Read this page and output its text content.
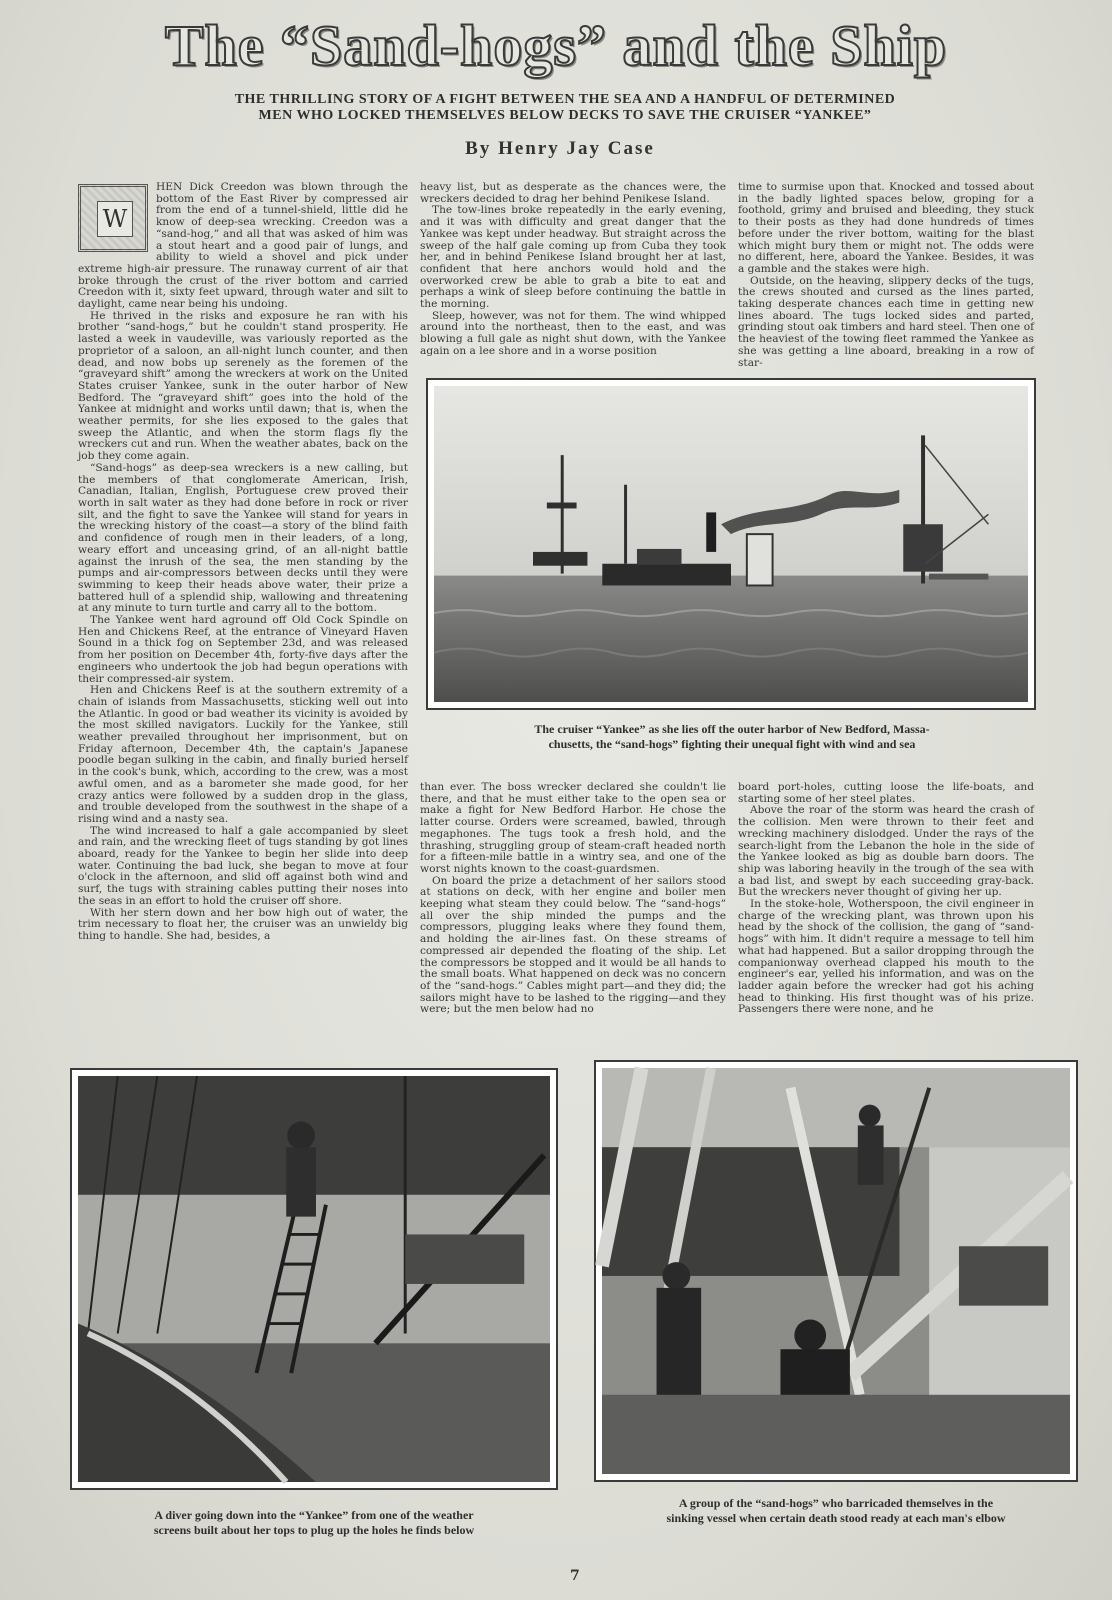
The “Sand-hogs” and the Ship
THE THRILLING STORY OF A FIGHT BETWEEN THE SEA AND A HANDFUL OF DETERMINED
MEN WHO LOCKED THEMSELVES BELOW DECKS TO SAVE THE CRUISER “YANKEE”
By Henry Jay Case
W

HEN Dick Creedon was blown through the bottom of the East River by compressed air from the end of a tunnel-shield, little did he know of deep-sea wrecking. Creedon was a “sand-hog,” and all that was asked of him was a stout heart and a good pair of lungs, and ability to wield a shovel and pick under extreme high-air pressure. The runaway current of air that broke through the crust of the river bottom and carried Creedon with it, sixty feet upward, through water and silt to daylight, came near being his undoing.

He thrived in the risks and exposure he ran with his brother “sand-hogs,” but he couldn't stand prosperity. He lasted a week in vaudeville, was variously reported as the proprietor of a saloon, an all-night lunch counter, and then dead, and now bobs up serenely as the foremen of the “graveyard shift” among the wreckers at work on the United States cruiser Yankee, sunk in the outer harbor of New Bedford. The “graveyard shift” goes into the hold of the Yankee at midnight and works until dawn; that is, when the weather permits, for she lies exposed to the gales that sweep the Atlantic, and when the storm flags fly the wreckers cut and run. When the weather abates, back on the job they come again.

“Sand-hogs” as deep-sea wreckers is a new calling, but the members of that conglomerate American, Irish, Canadian, Italian, English, Portuguese crew proved their worth in salt water as they had done before in rock or river silt, and the fight to save the Yankee will stand for years in the wrecking history of the coast—a story of the blind faith and confidence of rough men in their leaders, of a long, weary effort and unceasing grind, of an all-night battle against the inrush of the sea, the men standing by the pumps and air-compressors between decks until they were swimming to keep their heads above water, their prize a battered hull of a splendid ship, wallowing and threatening at any minute to turn turtle and carry all to the bottom.

The Yankee went hard aground off Old Cock Spindle on Hen and Chickens Reef, at the entrance of Vineyard Haven Sound in a thick fog on September 23d, and was released from her position on December 4th, forty-five days after the engineers who undertook the job had begun operations with their compressed-air system.

Hen and Chickens Reef is at the southern extremity of a chain of islands from Massachusetts, sticking well out into the Atlantic. In good or bad weather its vicinity is avoided by the most skilled navigators. Luckily for the Yankee, still weather prevailed throughout her imprisonment, but on Friday afternoon, December 4th, the captain's Japanese poodle began sulking in the cabin, and finally buried herself in the cook's bunk, which, according to the crew, was a most awful omen, and as a barometer she made good, for her crazy antics were followed by a sudden drop in the glass, and trouble developed from the southwest in the shape of a rising wind and a nasty sea.

The wind increased to half a gale accompanied by sleet and rain, and the wrecking fleet of tugs standing by got lines aboard, ready for the Yankee to begin her slide into deep water. Continuing the bad luck, she began to move at four o'clock in the afternoon, and slid off against both wind and surf, the tugs with straining cables putting their noses into the seas in an effort to hold the cruiser off shore.

With her stern down and her bow high out of water, the trim necessary to float her, the cruiser was an unwieldy big thing to handle. She had, besides, a

heavy list, but as desperate as the chances were, the wreckers decided to drag her behind Penikese Island.

The tow-lines broke repeatedly in the early evening, and it was with difficulty and great danger that the Yankee was kept under headway. But straight across the sweep of the half gale coming up from Cuba they took her, and in behind Penikese Island brought her at last, confident that here anchors would hold and the overworked crew be able to grab a bite to eat and perhaps a wink of sleep before continuing the battle in the morning.

Sleep, however, was not for them. The wind whipped around into the northeast, then to the east, and was blowing a full gale as night shut down, with the Yankee again on a lee shore and in a worse position

time to surmise upon that. Knocked and tossed about in the badly lighted spaces below, groping for a foothold, grimy and bruised and bleeding, they stuck to their posts as they had done hundreds of times before under the river bottom, waiting for the blast which might bury them or might not. The odds were no different, here, aboard the Yankee. Besides, it was a gamble and the stakes were high.

Outside, on the heaving, slippery decks of the tugs, the crews shouted and cursed as the lines parted, taking desperate chances each time in getting new lines aboard. The tugs locked sides and parted, grinding stout oak timbers and hard steel. Then one of the heaviest of the towing fleet rammed the Yankee as she was getting a line aboard, breaking in a row of star-

The cruiser “Yankee” as she lies off the outer harbor of New Bedford, Massa-
chusetts, the “sand-hogs” fighting their unequal fight with wind and sea

than ever. The boss wrecker declared she couldn't lie there, and that he must either take to the open sea or make a fight for New Bedford Harbor. He chose the latter course. Orders were screamed, bawled, through megaphones. The tugs took a fresh hold, and the thrashing, struggling group of steam-craft headed north for a fifteen-mile battle in a wintry sea, and one of the worst nights known to the coast-guardsmen.

On board the prize a detachment of her sailors stood at stations on deck, with her engine and boiler men keeping what steam they could below. The “sand-hogs” all over the ship minded the pumps and the compressors, plugging leaks where they found them, and holding the air-lines fast. On these streams of compressed air depended the floating of the ship. Let the compressors be stopped and it would be all hands to the small boats. What happened on deck was no concern of the “sand-hogs.” Cables might part—and they did; the sailors might have to be lashed to the rigging—and they were; but the men below had no

board port-holes, cutting loose the life-boats, and starting some of her steel plates.

Above the roar of the storm was heard the crash of the collision. Men were thrown to their feet and wrecking machinery dislodged. Under the rays of the search-light from the Lebanon the hole in the side of the Yankee looked as big as double barn doors. The ship was laboring heavily in the trough of the sea with a bad list, and swept by each succeeding gray-back. But the wreckers never thought of giving her up.

In the stoke-hole, Wotherspoon, the civil engineer in charge of the wrecking plant, was thrown upon his head by the shock of the collision, the gang of “sand-hogs” with him. It didn't require a message to tell him what had happened. But a sailor dropping through the companionway overhead clapped his mouth to the engineer's ear, yelled his information, and was on the ladder again before the wrecker had got his aching head to thinking. His first thought was of his prize. Passengers there were none, and he

A diver going down into the “Yankee” from one of the weather
screens built about her tops to plug up the holes he finds below
A group of the “sand-hogs” who barricaded themselves in the
sinking vessel when certain death stood ready at each man's elbow
7
